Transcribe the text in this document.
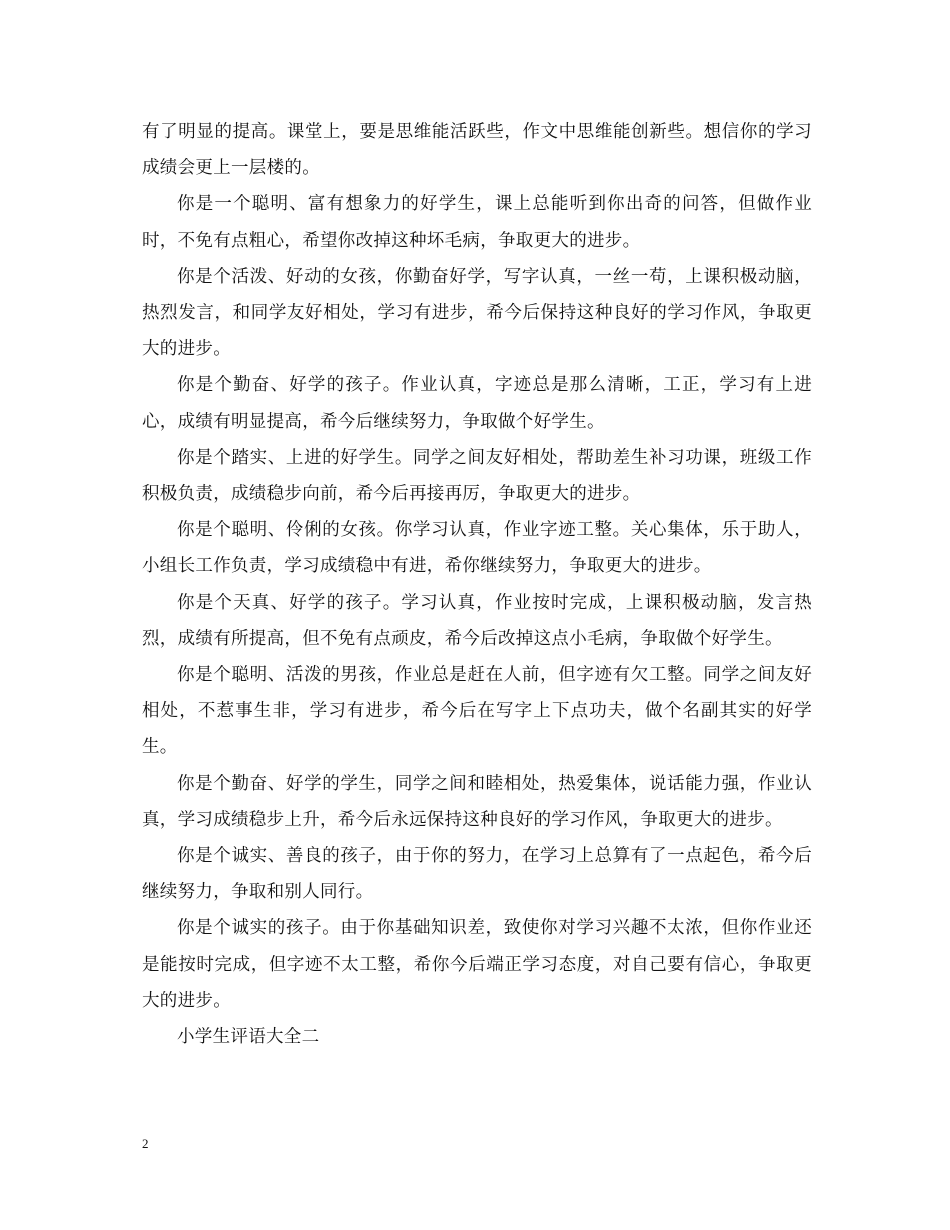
有了明显的提高。课堂上，要是思维能活跃些，作文中思维能创新些。想信你的学习成绩会更上一层楼的。

你是一个聪明、富有想象力的好学生，课上总能听到你出奇的问答，但做作业时，不免有点粗心，希望你改掉这种坏毛病，争取更大的进步。

你是个活泼、好动的女孩，你勤奋好学，写字认真，一丝一苟，上课积极动脑，热烈发言，和同学友好相处，学习有进步，希今后保持这种良好的学习作风，争取更大的进步。

你是个勤奋、好学的孩子。作业认真，字迹总是那么清晰，工正，学习有上进心，成绩有明显提高，希今后继续努力，争取做个好学生。

你是个踏实、上进的好学生。同学之间友好相处，帮助差生补习功课，班级工作积极负责，成绩稳步向前，希今后再接再厉，争取更大的进步。

你是个聪明、伶俐的女孩。你学习认真，作业字迹工整。关心集体，乐于助人，小组长工作负责，学习成绩稳中有进，希你继续努力，争取更大的进步。

你是个天真、好学的孩子。学习认真，作业按时完成，上课积极动脑，发言热烈，成绩有所提高，但不免有点顽皮，希今后改掉这点小毛病，争取做个好学生。

你是个聪明、活泼的男孩，作业总是赶在人前，但字迹有欠工整。同学之间友好相处，不惹事生非，学习有进步，希今后在写字上下点功夫，做个名副其实的好学生。

你是个勤奋、好学的学生，同学之间和睦相处，热爱集体，说话能力强，作业认真，学习成绩稳步上升，希今后永远保持这种良好的学习作风，争取更大的进步。

你是个诚实、善良的孩子，由于你的努力，在学习上总算有了一点起色，希今后继续努力，争取和别人同行。

你是个诚实的孩子。由于你基础知识差，致使你对学习兴趣不太浓，但你作业还是能按时完成，但字迹不太工整，希你今后端正学习态度，对自己要有信心，争取更大的进步。

小学生评语大全二

2
